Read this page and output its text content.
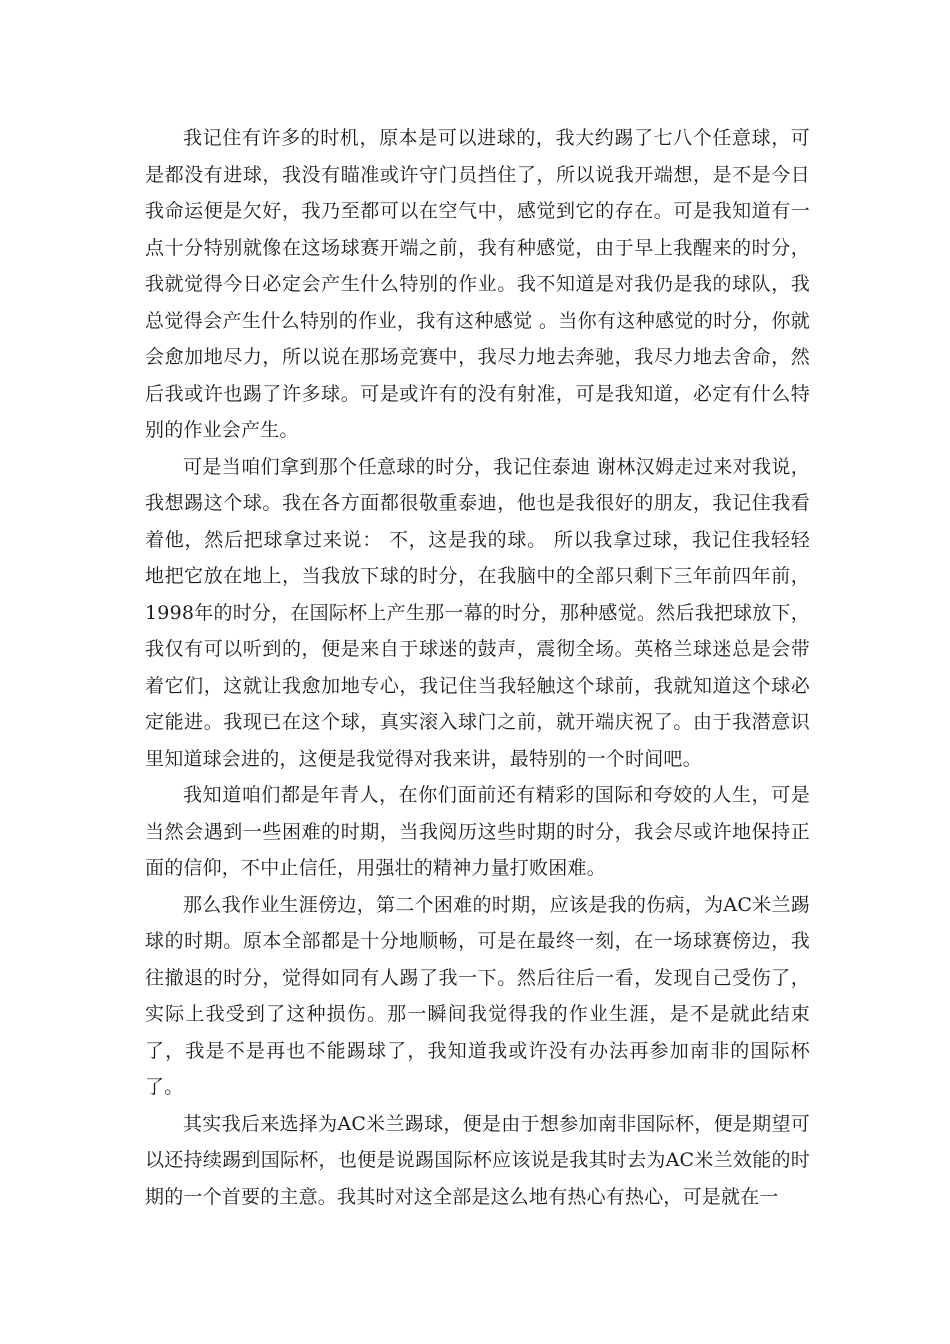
我记住有许多的时机，原本是可以进球的，我大约踢了七八个任意球，可是都没有进球，我没有瞄准或许守门员挡住了，所以说我开端想，是不是今日我命运便是欠好，我乃至都可以在空气中，感觉到它的存在。可是我知道有一点十分特别就像在这场球赛开端之前，我有种感觉，由于早上我醒来的时分，我就觉得今日必定会产生什么特别的作业。我不知道是对我仍是我的球队，我总觉得会产生什么特别的作业，我有这种感觉 。当你有这种感觉的时分，你就会愈加地尽力，所以说在那场竞赛中，我尽力地去奔驰，我尽力地去舍命，然后我或许也踢了许多球。可是或许有的没有射准，可是我知道，必定有什么特别的作业会产生。

可是当咱们拿到那个任意球的时分，我记住泰迪 谢林汉姆走过来对我说，我想踢这个球。我在各方面都很敬重泰迪，他也是我很好的朋友，我记住我看着他，然后把球拿过来说： 不，这是我的球。 所以我拿过球，我记住我轻轻地把它放在地上，当我放下球的时分，在我脑中的全部只剩下三年前四年前，1998年的时分，在国际杯上产生那一幕的时分，那种感觉。然后我把球放下，我仅有可以听到的，便是来自于球迷的鼓声，震彻全场。英格兰球迷总是会带着它们，这就让我愈加地专心，我记住当我轻触这个球前，我就知道这个球必定能进。我现已在这个球，真实滚入球门之前，就开端庆祝了。由于我潜意识里知道球会进的，这便是我觉得对我来讲，最特别的一个时间吧。

我知道咱们都是年青人，在你们面前还有精彩的国际和夸姣的人生，可是当然会遇到一些困难的时期，当我阅历这些时期的时分，我会尽或许地保持正面的信仰，不中止信任，用强壮的精神力量打败困难。

那么我作业生涯傍边，第二个困难的时期，应该是我的伤病，为AC米兰踢球的时期。原本全部都是十分地顺畅，可是在最终一刻，在一场球赛傍边，我往撤退的时分，觉得如同有人踢了我一下。然后往后一看，发现自己受伤了，实际上我受到了这种损伤。那一瞬间我觉得我的作业生涯，是不是就此结束了，我是不是再也不能踢球了，我知道我或许没有办法再参加南非的国际杯了。

其实我后来选择为AC米兰踢球，便是由于想参加南非国际杯，便是期望可以还持续踢到国际杯，也便是说踢国际杯应该说是我其时去为AC米兰效能的时期的一个首要的主意。我其时对这全部是这么地有热心有热心，可是就在一
